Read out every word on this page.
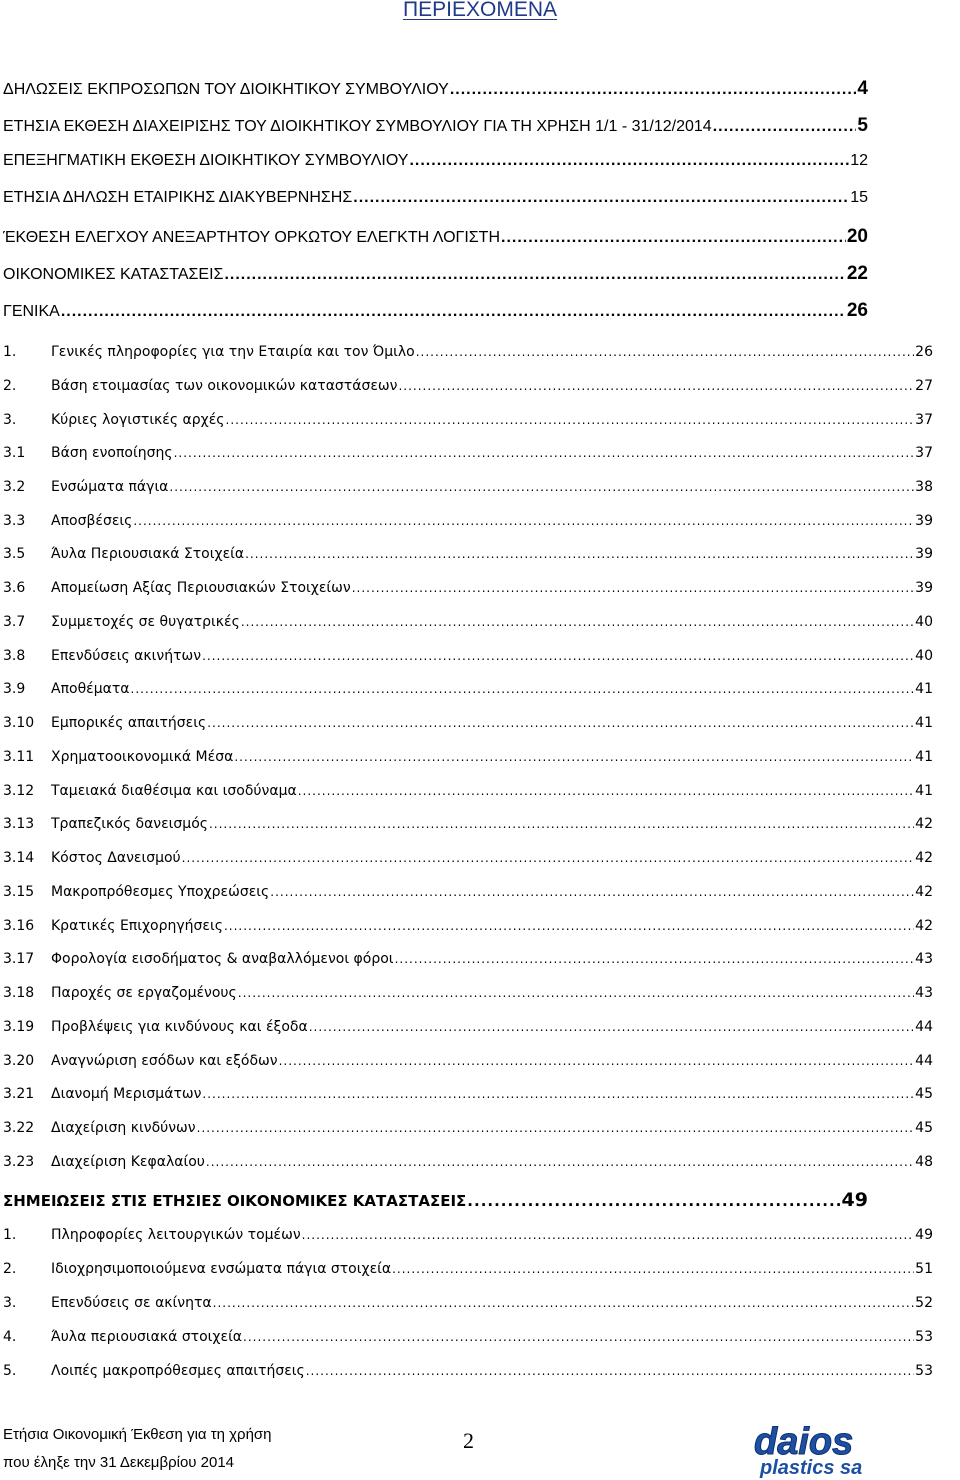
ΠΕΡΙΕΧΟΜΕΝΑ
ΔΗΛΩΣΕΙΣ ΕΚΠΡΟΣΩΠΩΝ ΤΟΥ ΔΙΟΙΚΗΤΙΚΟΥ ΣΥΜΒΟΥΛΙΟΥ .....	4
ΕΤΗΣΙΑ ΕΚΘΕΣΗ ΔΙΑΧΕΙΡΙΣΗΣ ΤΟΥ ΔΙΟΙΚΗΤΙΚΟΥ ΣΥΜΒΟΥΛΙΟΥ ΓΙΑ ΤΗ ΧΡΗΣΗ 1/1 - 31/12/2014 .....	5
ΕΠΕΞΗΓΜΑΤΙΚΗ ΕΚΘΕΣΗ ΔΙΟΙΚΗΤΙΚΟΥ ΣΥΜΒΟΥΛΙΟΥ .....	12
ΕΤΗΣΙΑ ΔΗΛΩΣΗ ΕΤΑΙΡΙΚΗΣ ΔΙΑΚΥΒΕΡΝΗΣΗΣ .....	15
ΈΚΘΕΣΗ ΕΛΕΓΧΟΥ ΑΝΕΞΑΡΤΗΤΟΥ ΟΡΚΩΤΟΥ ΕΛΕΓΚΤΗ ΛΟΓΙΣΤΗ .....	20
ΟΙΚΟΝΟΜΙΚΕΣ ΚΑΤΑΣΤΑΣΕΙΣ .....	22
ΓΕΝΙΚΑ .....	26
1. Γενικές πληροφορίες για την Εταιρία και τον Όμιλο .....	26
2. Βάση ετοιμασίας των οικονομικών καταστάσεων .....	27
3. Κύριες λογιστικές αρχές .....	37
3.1 Βάση ενοποίησης .....	37
3.2 Ενσώματα πάγια .....	38
3.3 Αποσβέσεις .....	39
3.5 Άυλα Περιουσιακά Στοιχεία .....	39
3.6 Απομείωση Αξίας Περιουσιακών Στοιχείων .....	39
3.7 Συμμετοχές σε θυγατρικές .....	40
3.8 Επενδύσεις ακινήτων .....	40
3.9 Αποθέματα .....	41
3.10 Εμπορικές απαιτήσεις .....	41
3.11 Χρηματοοικονομικά Μέσα .....	41
3.12 Ταμειακά διαθέσιμα και ισοδύναμα .....	41
3.13 Τραπεζικός δανεισμός .....	42
3.14 Κόστος Δανεισμού .....	42
3.15 Μακροπρόθεσμες Υποχρεώσεις .....	42
3.16 Κρατικές Επιχορηγήσεις .....	42
3.17 Φορολογία εισοδήματος & αναβαλλόμενοι φόροι .....	43
3.18 Παροχές σε εργαζομένους .....	43
3.19 Προβλέψεις για κινδύνους και έξοδα .....	44
3.20 Αναγνώριση εσόδων και εξόδων .....	44
3.21 Διανομή Μερισμάτων .....	45
3.22 Διαχείριση κινδύνων .....	45
3.23 Διαχείριση Κεφαλαίου .....	48
ΣΗΜΕΙΩΣΕΙΣ ΣΤΙΣ ΕΤΗΣΙΕΣ ΟΙΚΟΝΟΜΙΚΕΣ ΚΑΤΑΣΤΑΣΕΙΣ .....	49
1. Πληροφορίες λειτουργικών τομέων .....	49
2. Ιδιοχρησιμοποιούμενα ενσώματα πάγια στοιχεία .....	51
3. Επενδύσεις σε ακίνητα .....	52
4. Άυλα περιουσιακά στοιχεία .....	53
5. Λοιπές μακροπρόθεσμες απαιτήσεις .....	53
Ετήσια Οικονομική Έκθεση για τη χρήση
που έληξε την 31 Δεκεμβρίου 2014
2	daios
plastics sa
